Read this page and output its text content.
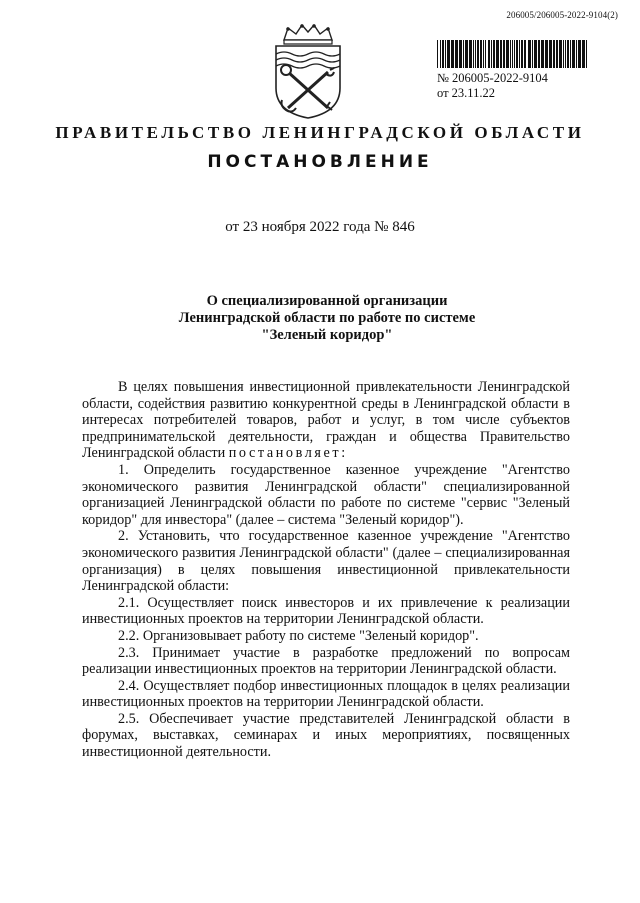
206005/206005-2022-9104(2)
№ 206005-2022-9104
от 23.11.22
ПРАВИТЕЛЬСТВО ЛЕНИНГРАДСКОЙ ОБЛАСТИ
ПОСТАНОВЛЕНИЕ
от 23 ноября 2022 года № 846
О специализированной организации
Ленинградской области по работе по системе
"Зеленый коридор"

В целях повышения инвестиционной привлекательности Ленинградской области, содействия развитию конкурентной среды в Ленинградской области в интересах потребителей товаров, работ и услуг, в том числе субъектов предпринимательской деятельности, граждан и общества Правительство Ленинградской области постановляет:

1. Определить государственное казенное учреждение "Агентство экономического развития Ленинградской области" специализированной организацией Ленинградской области по работе по системе "сервис "Зеленый коридор" для инвестора" (далее – система "Зеленый коридор").

2. Установить, что государственное казенное учреждение "Агентство экономического развития Ленинградской области" (далее – специализированная организация) в целях повышения инвестиционной привлекательности Ленинградской области:

2.1. Осуществляет поиск инвесторов и их привлечение к реализации инвестиционных проектов на территории Ленинградской области.

2.2. Организовывает работу по системе "Зеленый коридор".

2.3. Принимает участие в разработке предложений по вопросам реализации инвестиционных проектов на территории Ленинградской области.

2.4. Осуществляет подбор инвестиционных площадок в целях реализации инвестиционных проектов на территории Ленинградской области.

2.5. Обеспечивает участие представителей Ленинградской области в форумах, выставках, семинарах и иных мероприятиях, посвященных инвестиционной деятельности.
